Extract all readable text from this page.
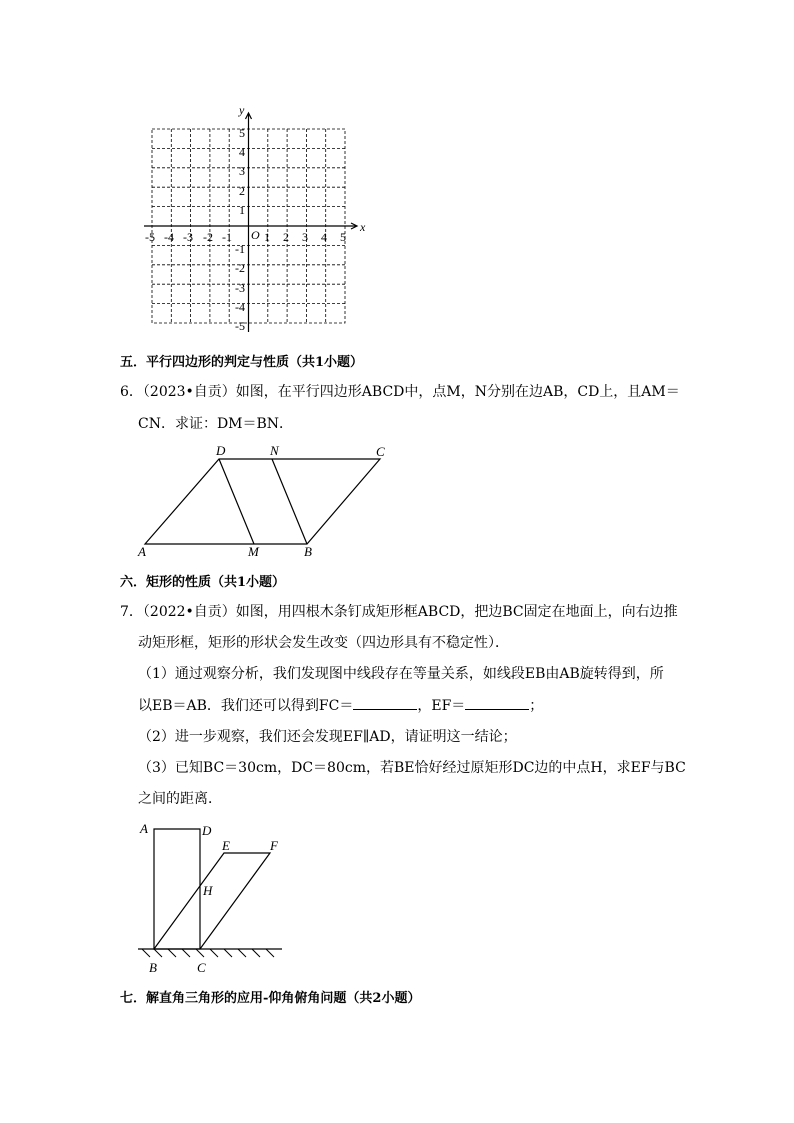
x
y
O
-5 -4 -3 -2 -1	1 2 3 4 5
5
4
3
2
1
-1
-2
-3
-4
-5
五．平行四边形的判定与性质（共1小题）
6．（2023•自贡）如图，在平行四边形ABCD中，点M，N分别在边AB，CD上，且AM＝
CN．求证：DM＝BN．
D	N	C
A	M	B
六．矩形的性质（共1小题）
7．（2022•自贡）如图，用四根木条钉成矩形框ABCD，把边BC固定在地面上，向右边推
动矩形框，矩形的形状会发生改变（四边形具有不稳定性）．
（1）通过观察分析，我们发现图中线段存在等量关系，如线段EB由AB旋转得到，所
以EB＝AB．我们还可以得到FC＝	，EF＝	；
（2）进一步观察，我们还会发现EF∥AD，请证明这一结论；
（3）已知BC＝30cm，DC＝80cm，若BE恰好经过原矩形DC边的中点H，求EF与BC
之间的距离．
A	D
E	F
H
B	C
七．解直角三角形的应用-仰角俯角问题（共2小题）
